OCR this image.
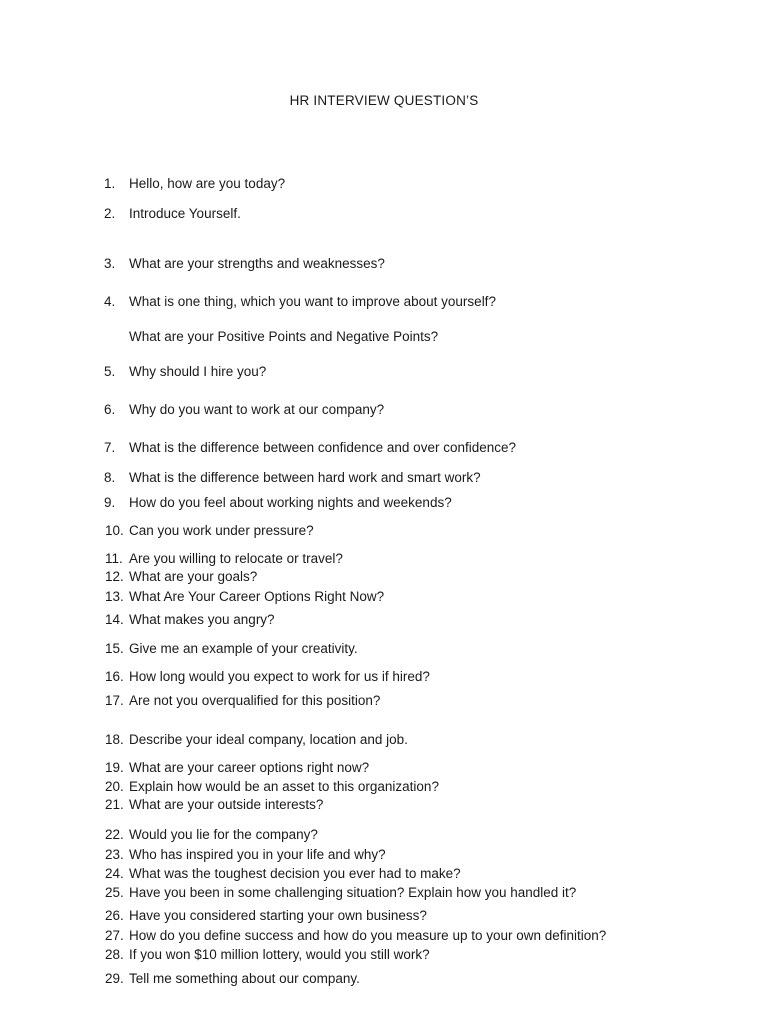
HR INTERVIEW QUESTION’S
1.	Hello, how are you today?
2.	Introduce Yourself.
3.	What are your strengths and weaknesses?
4.	What is one thing, which you want to improve about yourself?
What are your Positive Points and Negative Points?
5.	Why should I hire you?
6.	Why do you want to work at our company?
7.	What is the difference between confidence and over confidence?
8.	What is the difference between hard work and smart work?
9.	How do you feel about working nights and weekends?
10. Can you work under pressure?
11. Are you willing to relocate or travel?
12. What are your goals?
13. What Are Your Career Options Right Now?
14. What makes you angry?
15. Give me an example of your creativity.
16. How long would you expect to work for us if hired?
17. Are not you overqualified for this position?
18. Describe your ideal company, location and job.
19. What are your career options right now?
20. Explain how would be an asset to this organization?
21. What are your outside interests?
22. Would you lie for the company?
23. Who has inspired you in your life and why?
24. What was the toughest decision you ever had to make?
25. Have you been in some challenging situation? Explain how you handled it?
26. Have you considered starting your own business?
27. How do you define success and how do you measure up to your own definition?
28. If you won $10 million lottery, would you still work?
29. Tell me something about our company.
